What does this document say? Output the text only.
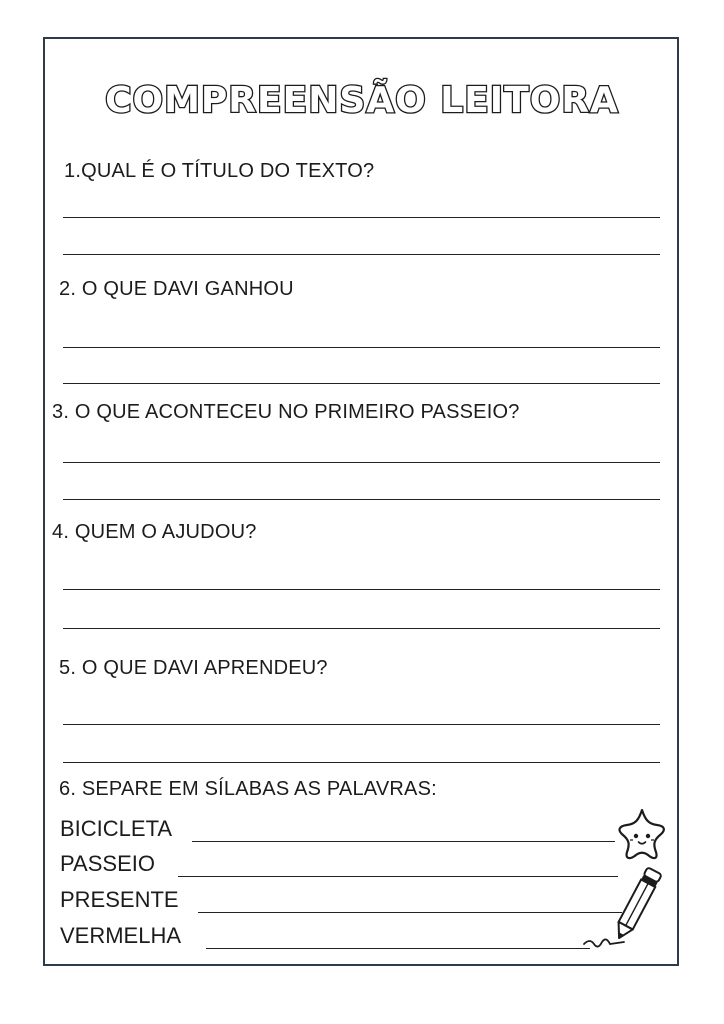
COMPREENSÃO LEITORA
1.QUAL É O TÍTULO DO TEXTO?
2. O QUE DAVI GANHOU
3. O QUE ACONTECEU NO PRIMEIRO PASSEIO?
4. QUEM O AJUDOU?
5. O QUE DAVI APRENDEU?
6. SEPARE EM SÍLABAS AS PALAVRAS:
BICICLETA
PASSEIO
PRESENTE
VERMELHA
